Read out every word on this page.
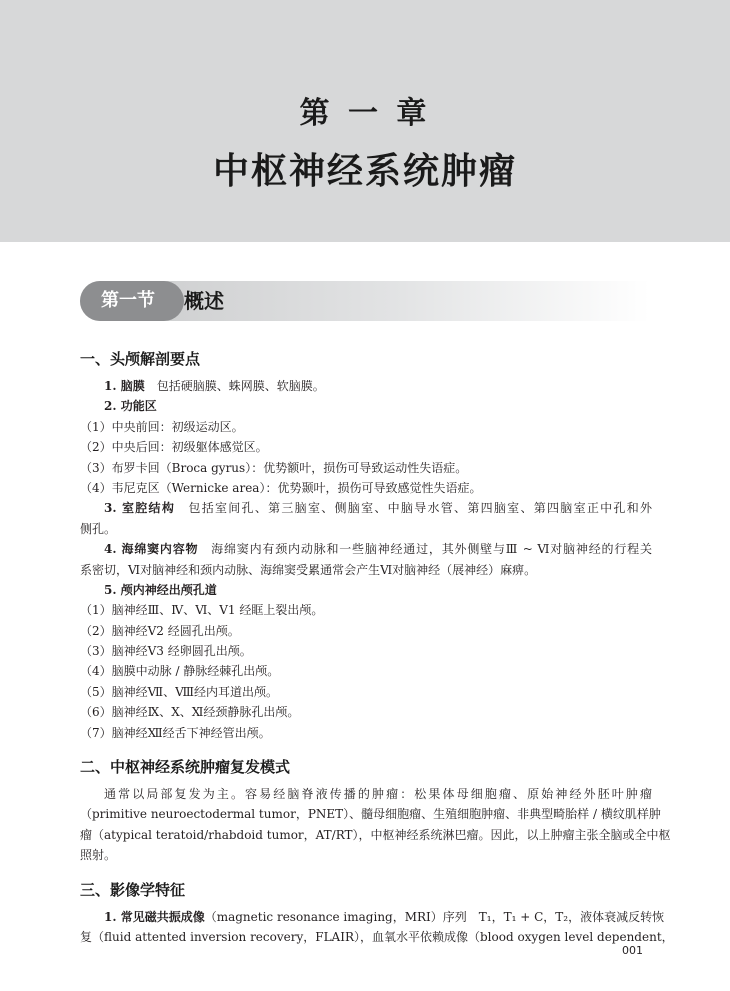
第 一 章
中枢神经系统肿瘤
第一节	概述
一、头颅解剖要点
1. 脑膜　 包括硬脑膜、蛛网膜、软脑膜。
2. 功能区
（1）中央前回：初级运动区。
（2）中央后回：初级躯体感觉区。
（3）布罗卡回（Broca gyrus）：优势额叶，损伤可导致运动性失语症。
（4）韦尼克区（Wernicke area）：优势颞叶，损伤可导致感觉性失语症。
3. 室腔结构　 包括室间孔、第三脑室、侧脑室、中脑导水管、第四脑室、第四脑室正中孔和外
侧孔。
4. 海绵窦内容物　 海绵窦内有颈内动脉和一些脑神经通过，其外侧壁与Ⅲ ~ Ⅵ对脑神经的行程关
系密切，Ⅵ对脑神经和颈内动脉、海绵窦受累通常会产生Ⅵ对脑神经（展神经）麻痹。
5. 颅内神经出颅孔道
（1）脑神经Ⅲ、Ⅳ、Ⅵ、V1 经眶上裂出颅。
（2）脑神经V2 经圆孔出颅。
（3）脑神经V3 经卵圆孔出颅。
（4）脑膜中动脉 / 静脉经棘孔出颅。
（5）脑神经Ⅶ、Ⅷ经内耳道出颅。
（6）脑神经Ⅸ、Ⅹ、Ⅺ经颈静脉孔出颅。
（7）脑神经Ⅻ经舌下神经管出颅。
二、中枢神经系统肿瘤复发模式
通常以局部复发为主。容易经脑脊液传播的肿瘤：松果体母细胞瘤、原始神经外胚叶肿瘤
（primitive neuroectodermal tumor，PNET）、髓母细胞瘤、生殖细胞肿瘤、非典型畸胎样 / 横纹肌样肿
瘤（atypical teratoid/rhabdoid tumor，AT/RT），中枢神经系统淋巴瘤。因此，以上肿瘤主张全脑或全中枢
照射。
三、影像学特征
1. 常见磁共振成像（magnetic resonance imaging，MRI）序列　T₁，T₁ + C，T₂，液体衰减反转恢
复（fluid attented inversion recovery，FLAIR），血氧水平依赖成像（blood oxygen level dependent，
001
